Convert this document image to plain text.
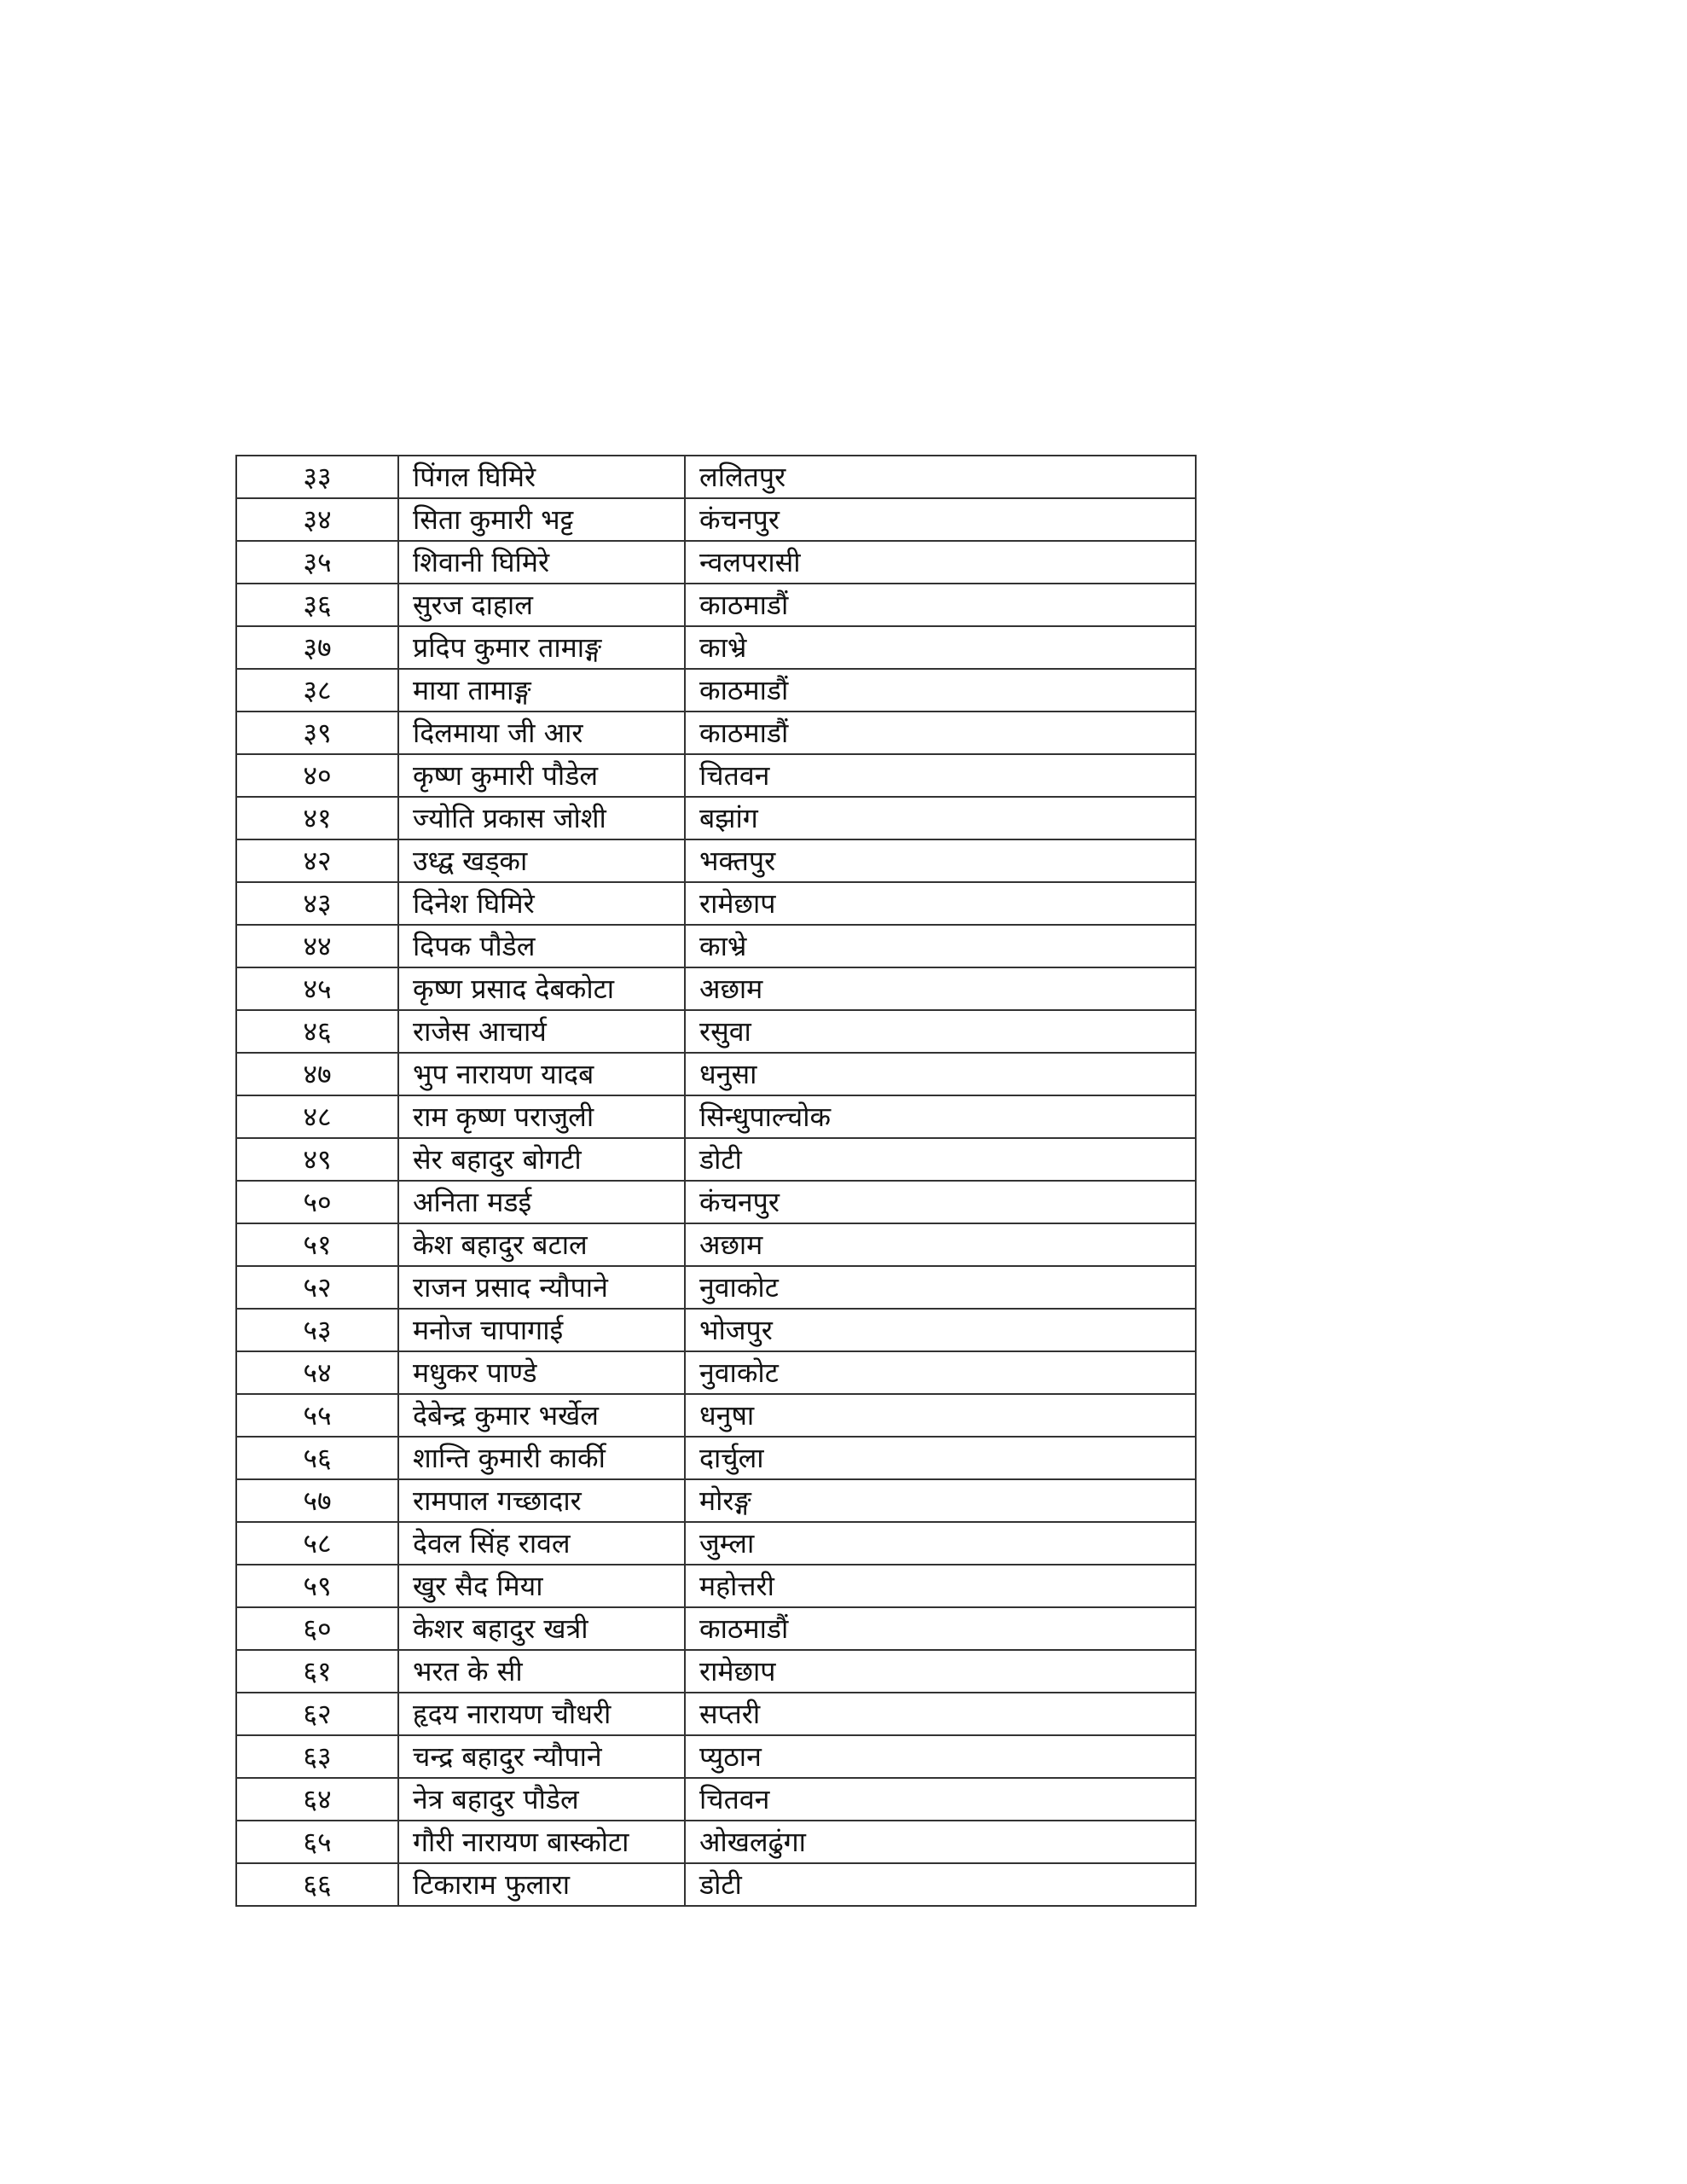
३३	पिंगल घिमिरे	ललितपुर
३४	सिता कुमारी भट्ट	कंचनपुर
३५	शिवानी घिमिरे	न्वलपरासी
३६	सुरज दाहाल	काठमाडौं
३७	प्रदिप कुमार तामाङ्ग	काभ्रे
३८	माया तामाङ्ग	काठमाडौं
३९	दिलमाया जी आर	काठमाडौं
४०	कृष्ण कुमारी पौडेल	चितवन
४१	ज्योति प्रकास जोशी	बझांग
४२	उध्द्व खड्का	भक्तपुर
४३	दिनेश घिमिरे	रामेछाप
४४	दिपक पौडेल	काभ्रे
४५	कृष्ण प्रसाद देबकोटा	अछाम
४६	राजेस आचार्य	रसुवा
४७	भुप नारायण यादब	धनुसा
४८	राम कृष्ण पराजुली	सिन्धुपाल्चोक
४९	सेर बहादुर बोगटी	डोटी
५०	अनिता मडई	कंचनपुर
५१	केश बहादुर बटाल	अछाम
५२	राजन प्रसाद न्यौपाने	नुवाकोट
५३	मनोज चापागाई	भोजपुर
५४	मधुकर पाण्डे	नुवाकोट
५५	देबेन्द्र कुमार भर्खेल	धनुषा
५६	शान्ति कुमारी कार्की	दार्चुला
५७	रामपाल गच्छादार	मोरङ्ग
५८	देवल सिंह रावल	जुम्ला
५९	खुर सैद मिया	महोत्तरी
६०	केशर बहादुर खत्री	काठमाडौं
६१	भरत के सी	रामेछाप
६२	हृदय नारायण चौधरी	सप्तरी
६३	चन्द्र बहादुर न्यौपाने	प्युठान
६४	नेत्र बहादुर पौडेल	चितवन
६५	गौरी नारायण बास्कोटा	ओखलढुंगा
६६	टिकाराम फुलारा	डोटी
